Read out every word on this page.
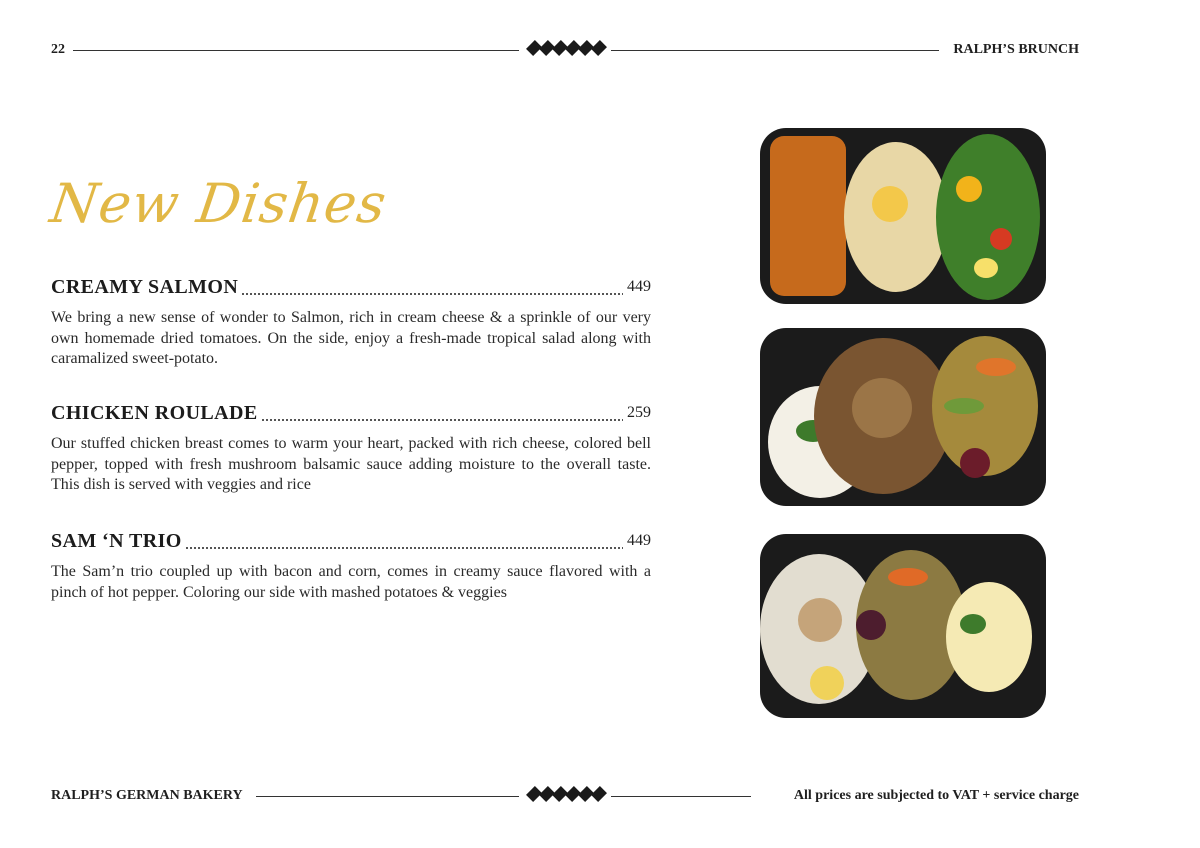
22	RALPH’S BRUNCH
New Dishes
CREAMY SALMON	449
We bring a new sense of wonder to Salmon, rich in cream cheese & a sprinkle of our very own homemade dried tomatoes. On the side, enjoy a fresh-made tropical salad along with caramalized sweet-potato.
CHICKEN ROULADE	259
Our stuffed chicken breast comes to warm your heart, packed with rich cheese, colored bell pepper, topped with fresh mushroom balsamic sauce adding moisture to the overall taste. This dish is served with veggies and rice
SAM ‘N TRIO	449
The Sam’n trio coupled up with bacon and corn, comes in creamy sauce flavored with a pinch of hot pepper. Coloring our side with mashed potatoes & veggies
RALPH’S GERMAN BAKERY	All prices are subjected to VAT + service charge
